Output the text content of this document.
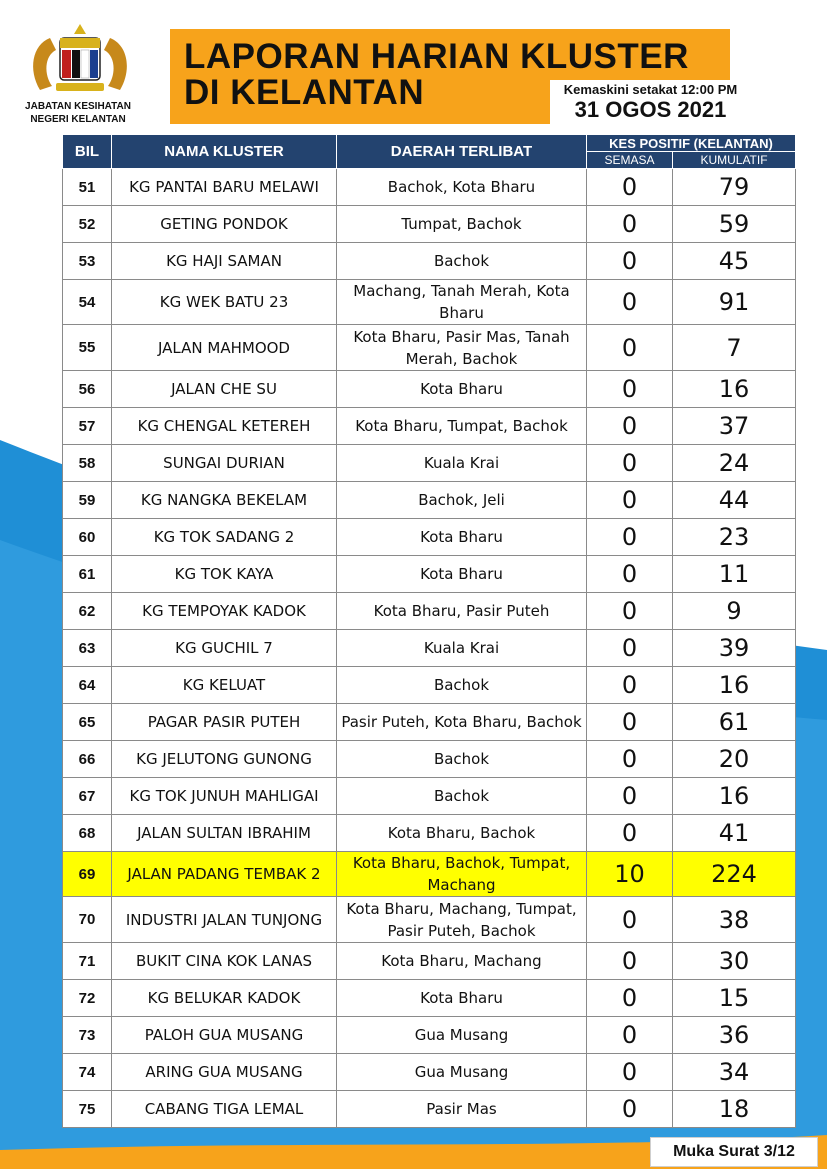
JABATAN KESIHATAN
NEGERI KELANTAN
LAPORAN HARIAN KLUSTER
DI KELANTAN	Kemaskini setakat 12:00 PM
31 OGOS 2021
BIL	NAMA KLUSTER	DAERAH TERLIBAT	KES POSITIF (KELANTAN)	
			SEMASA	KUMULATIF
51	KG PANTAI BARU MELAWI	Bachok, Kota Bharu	0	79
52	GETING PONDOK	Tumpat, Bachok	0	59
53	KG HAJI SAMAN	Bachok	0	45
54	KG WEK BATU 23	Machang, Tanah Merah, Kota Bharu	0	91
55	JALAN MAHMOOD	Kota Bharu, Pasir Mas, Tanah Merah, Bachok	0	7
56	JALAN CHE SU	Kota Bharu	0	16
57	KG CHENGAL KETEREH	Kota Bharu, Tumpat, Bachok	0	37
58	SUNGAI DURIAN	Kuala Krai	0	24
59	KG NANGKA BEKELAM	Bachok, Jeli	0	44
60	KG TOK SADANG 2	Kota Bharu	0	23
61	KG TOK KAYA	Kota Bharu	0	11
62	KG TEMPOYAK KADOK	Kota Bharu, Pasir Puteh	0	9
63	KG GUCHIL 7	Kuala Krai	0	39
64	KG KELUAT	Bachok	0	16
65	PAGAR PASIR PUTEH	Pasir Puteh, Kota Bharu, Bachok	0	61
66	KG JELUTONG GUNONG	Bachok	0	20
67	KG TOK JUNUH MAHLIGAI	Bachok	0	16
68	JALAN SULTAN IBRAHIM	Kota Bharu, Bachok	0	41
69	JALAN PADANG TEMBAK 2	Kota Bharu, Bachok, Tumpat, Machang	10	224
70	INDUSTRI JALAN TUNJONG	Kota Bharu, Machang, Tumpat, Pasir Puteh, Bachok	0	38
71	BUKIT CINA KOK LANAS	Kota Bharu, Machang	0	30
72	KG BELUKAR KADOK	Kota Bharu	0	15
73	PALOH GUA MUSANG	Gua Musang	0	36
74	ARING GUA MUSANG	Gua Musang	0	34
75	CABANG TIGA LEMAL	Pasir Mas	0	18
Muka Surat 3/12
